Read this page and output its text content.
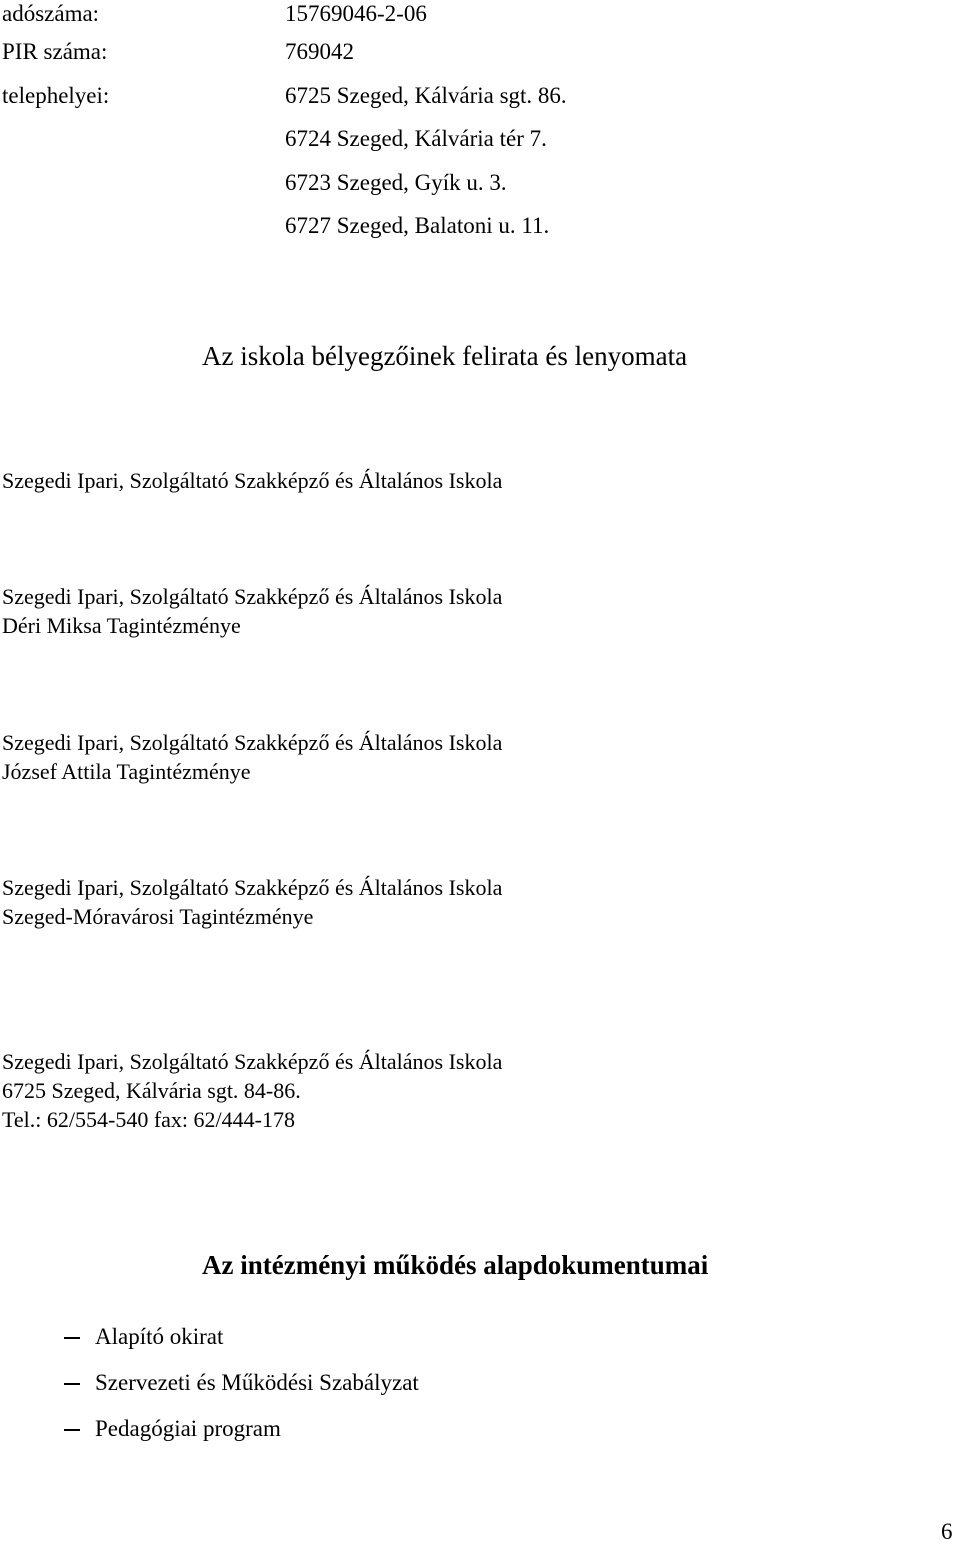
adószáma:	15769046-2-06
PIR száma:	769042
telephelyei:	6725 Szeged, Kálvária sgt. 86.
6724 Szeged, Kálvária tér 7.
6723 Szeged, Gyík u. 3.
6727 Szeged, Balatoni u. 11.
Az iskola bélyegzőinek felirata és lenyomata
Szegedi Ipari, Szolgáltató Szakképző és Általános Iskola
Szegedi Ipari, Szolgáltató Szakképző és Általános Iskola
Déri Miksa Tagintézménye
Szegedi Ipari, Szolgáltató Szakképző és Általános Iskola
József Attila Tagintézménye
Szegedi Ipari, Szolgáltató Szakképző és Általános Iskola
Szeged-Móravárosi Tagintézménye
Szegedi Ipari, Szolgáltató Szakképző és Általános Iskola
6725 Szeged, Kálvária sgt. 84-86.
Tel.: 62/554-540 fax: 62/444-178
Az intézményi működés alapdokumentumai
Alapító okirat
Szervezeti és Működési Szabályzat
Pedagógiai program
6
